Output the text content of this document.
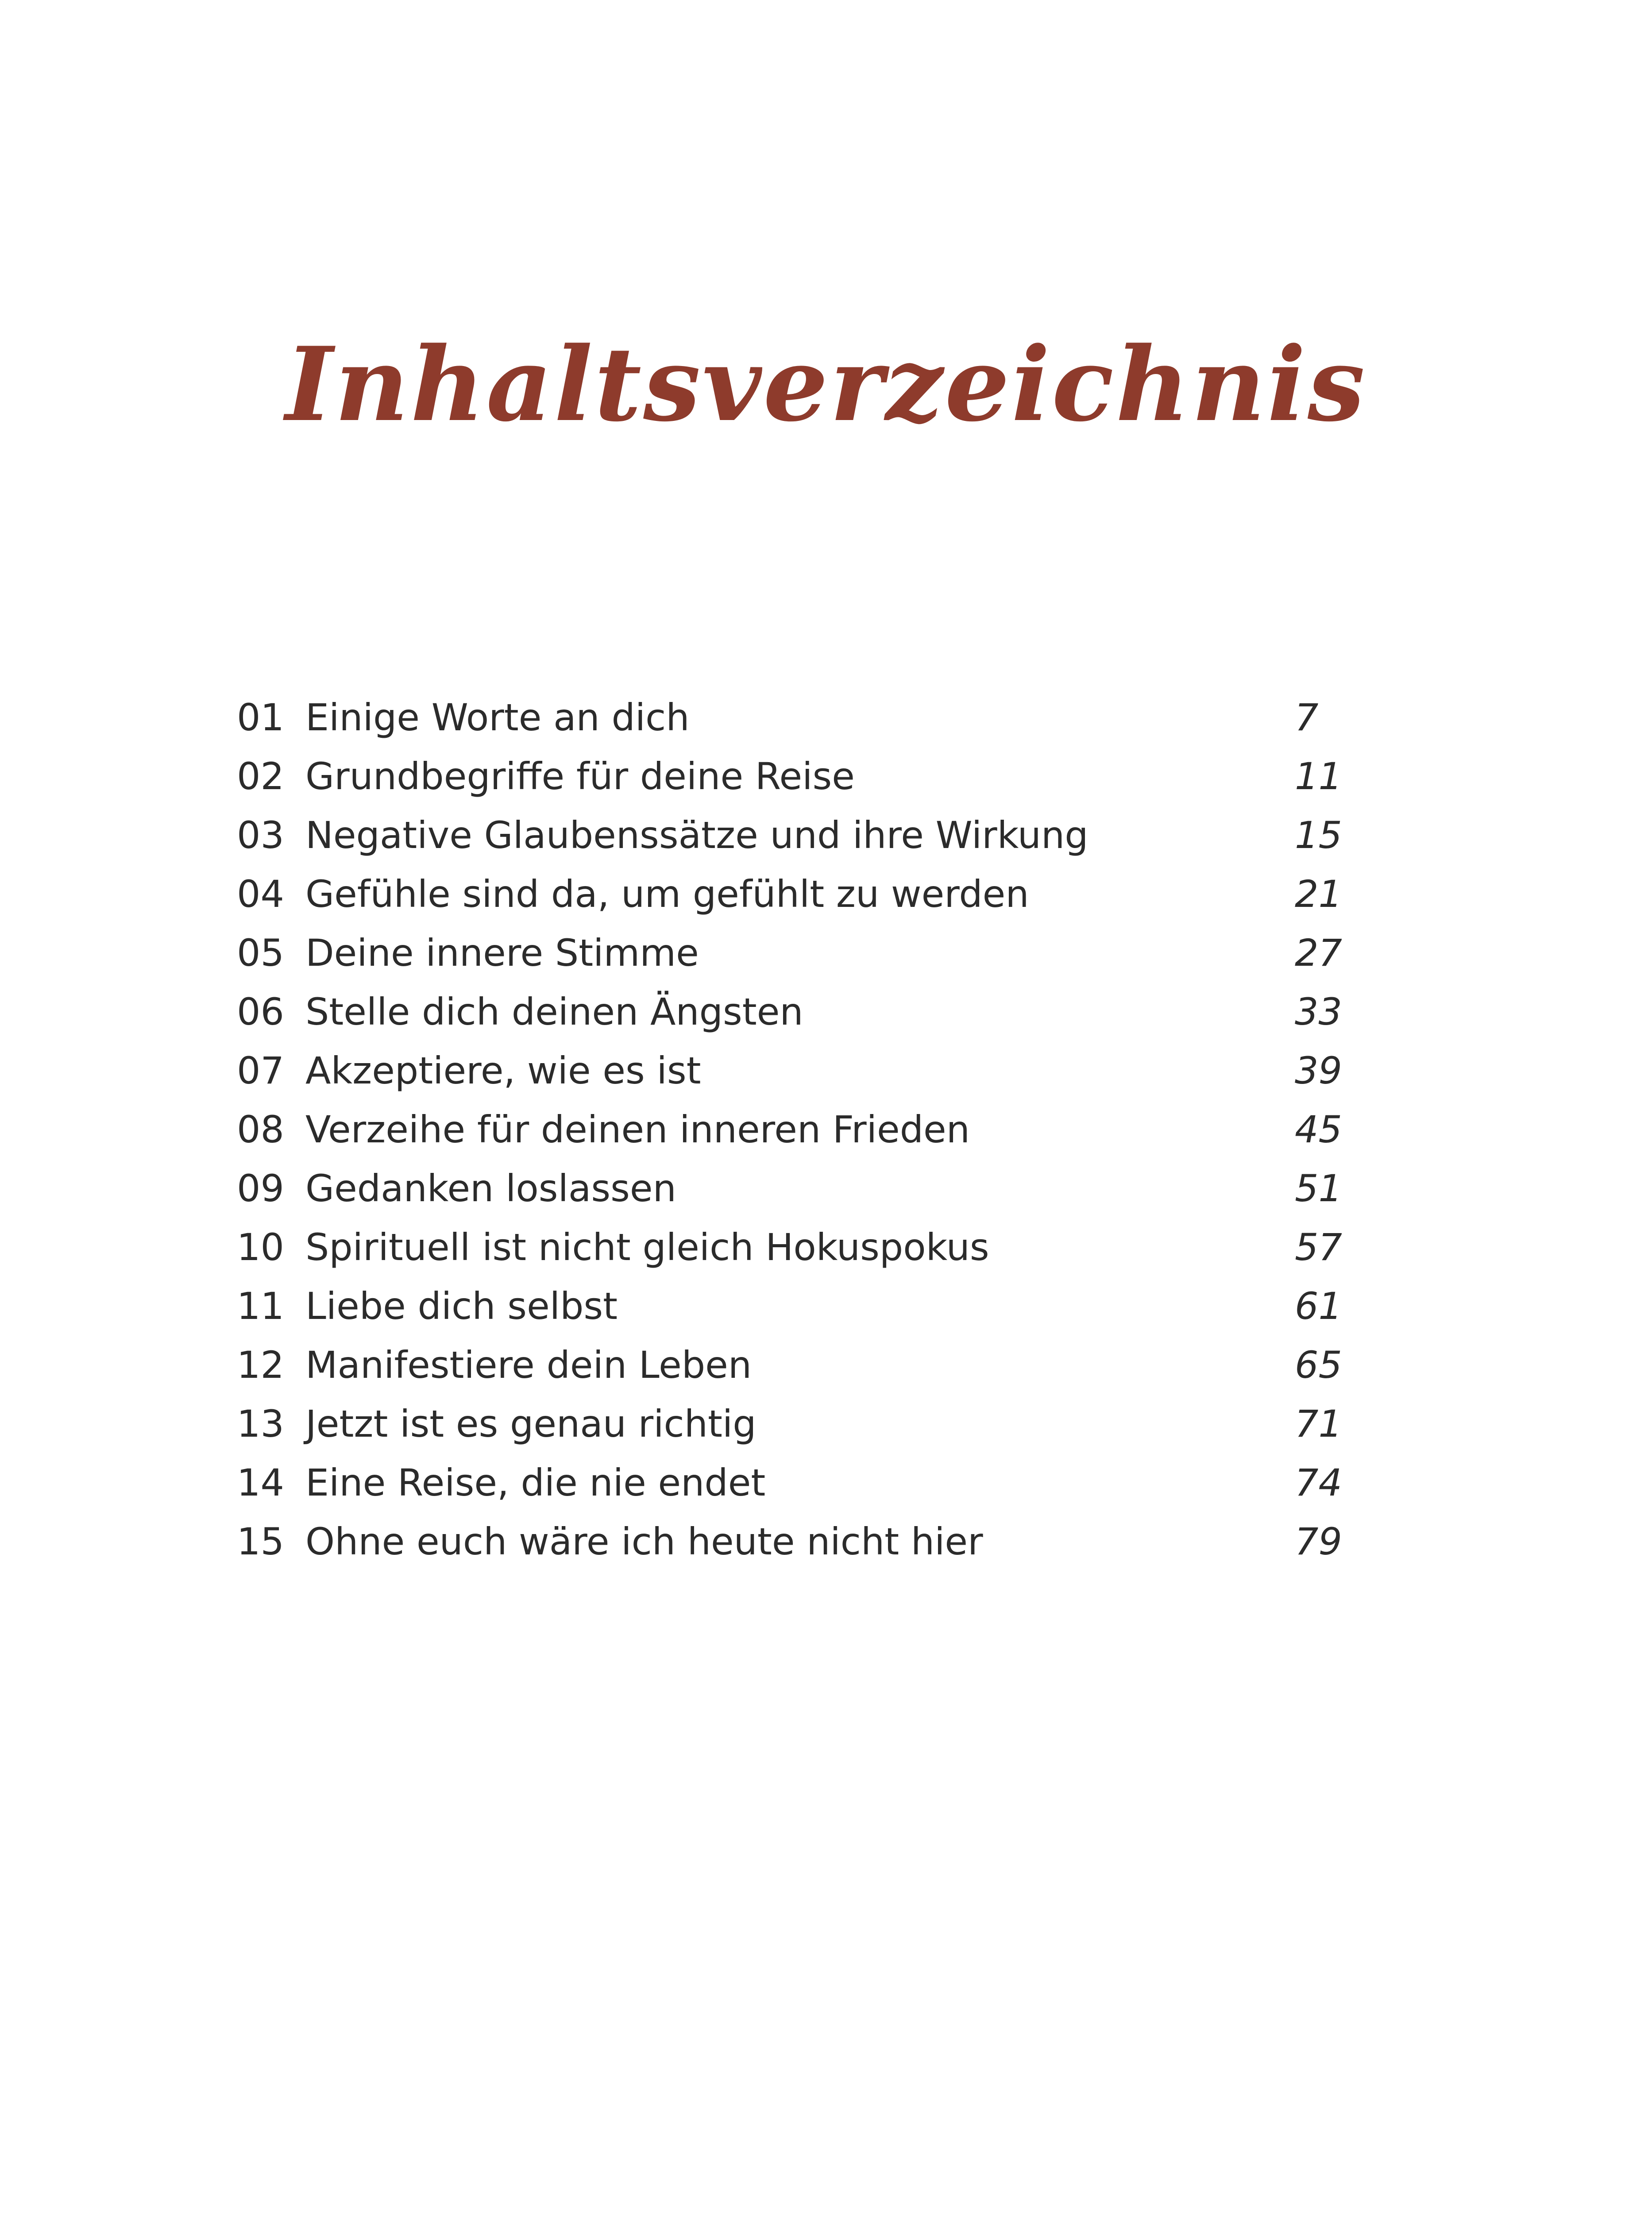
Inhaltsverzeichnis
01 Einige Worte an dich	7
02 Grundbegriffe für deine Reise	11
03 Negative Glaubenssätze und ihre Wirkung	15
04 Gefühle sind da, um gefühlt zu werden	21
05 Deine innere Stimme	27
06 Stelle dich deinen Ängsten	33
07 Akzeptiere, wie es ist	39
08 Verzeihe für deinen inneren Frieden	45
09 Gedanken loslassen	51
10 Spirituell ist nicht gleich Hokuspokus	57
11 Liebe dich selbst	61
12 Manifestiere dein Leben	65
13 Jetzt ist es genau richtig	71
14 Eine Reise, die nie endet	74
15 Ohne euch wäre ich heute nicht hier	79
